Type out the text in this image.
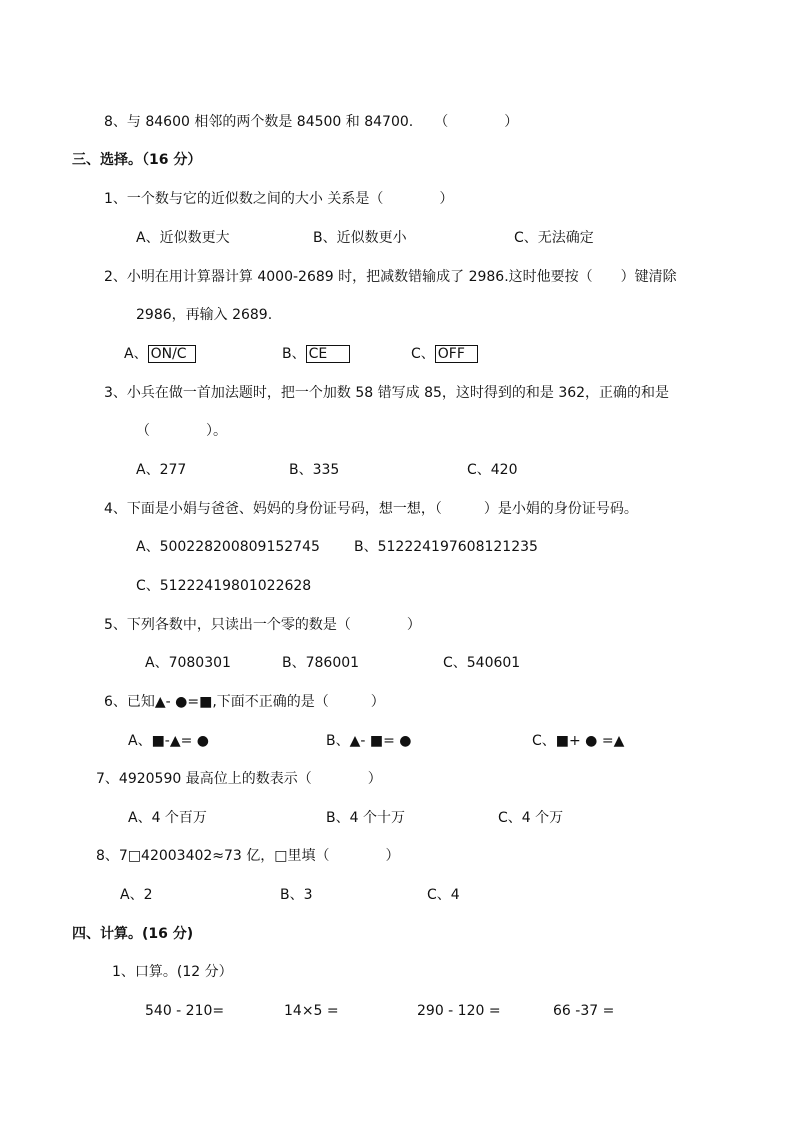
8、与 84600 相邻的两个数是 84500 和 84700.　　（　　　　）
三、选择。（16 分）
1、一个数与它的近似数之间的大小 关系是（　　　　）
A、近似数更大	B、近似数更小	C、无法确定
2、小明在用计算器计算 4000-2689 时，把减数错输成了 2986.这时他要按（　　）键清除
2986，再输入 2689.
A、 ON/C	B、 CE	C、 OFF
3、小兵在做一首加法题时，把一个加数 58 错写成 85，这时得到的和是 362，正确的和是
（　　　　）。
A、277	B、335	C、420
4、下面是小娟与爸爸、妈妈的身份证号码，想一想，（　　　）是小娟的身份证号码。
A、500228200809152745 B、512224197608121235
C、51222419801022628
5、下列各数中，只读出一个零的数是（　　　　）
A、7080301	B、786001	C、540601
6、已知▲- ●=■,下面不正确的是（　　　）
A、■-▲= ●	B、▲- ■= ●	C、■+ ● =▲
7、4920590 最高位上的数表示（　　　　）
A、4 个百万	B、4 个十万	C、4 个万
8、7□42003402≈73 亿，□里填（　　　　）
A、2	B、3	C、4
四、计算。(16 分)
1、口算。(12 分）
540 - 210=	14×5 =	290 - 120 =	66 -37 =
